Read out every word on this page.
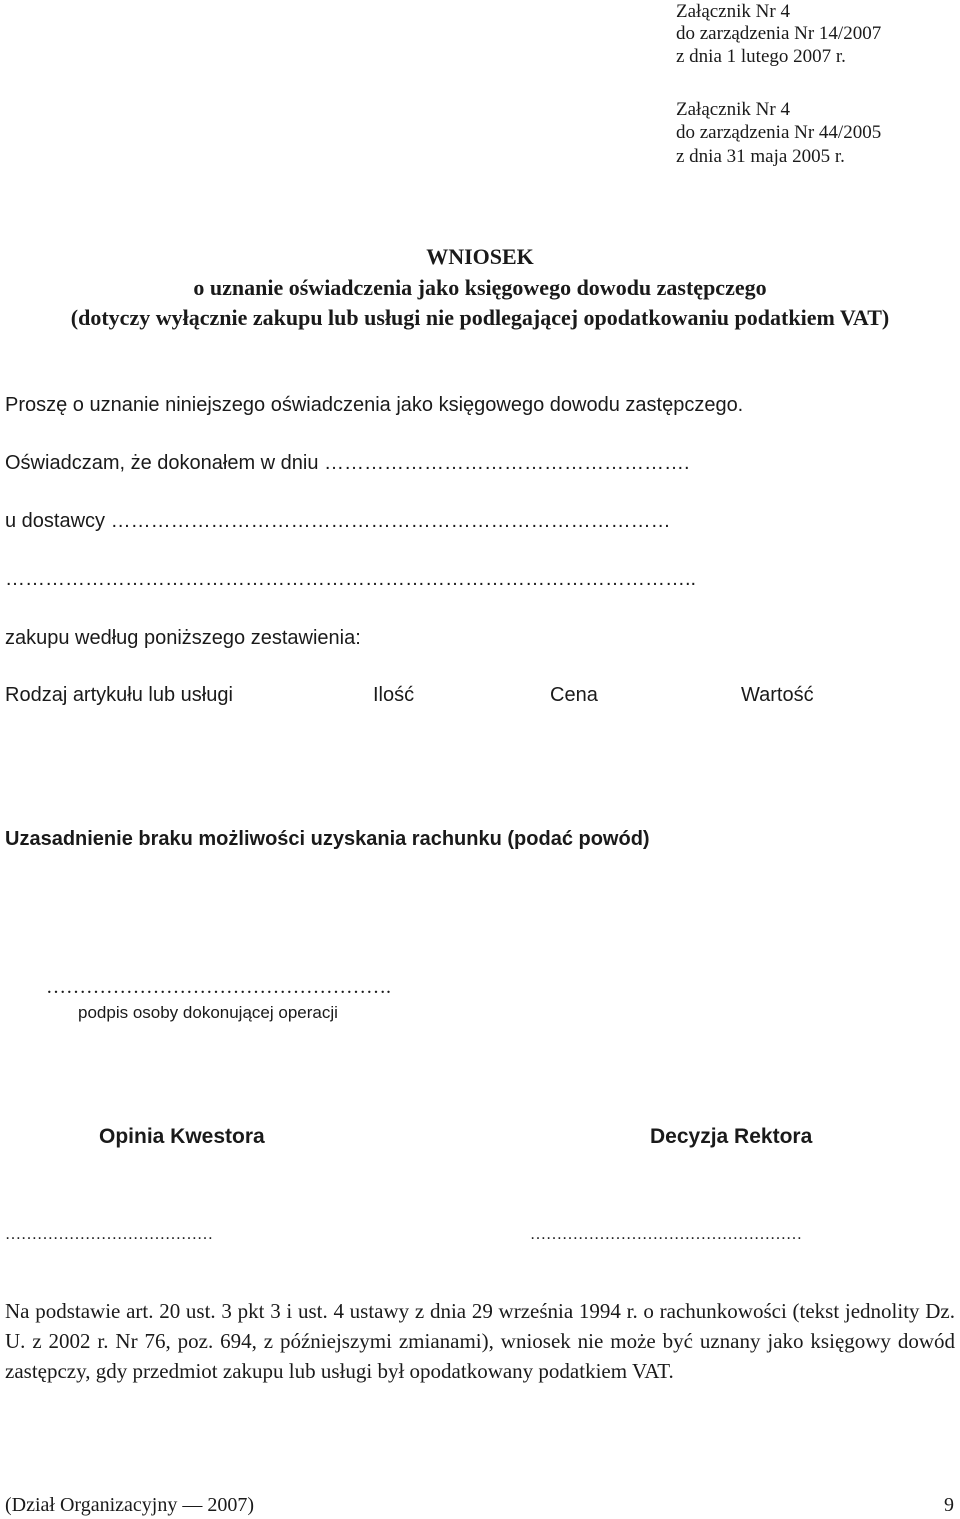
Załącznik Nr 4
do zarządzenia Nr 14/2007
z dnia 1 lutego 2007 r.
Załącznik Nr 4
do zarządzenia Nr 44/2005
z dnia 31 maja 2005 r.
WNIOSEK
o uznanie oświadczenia jako księgowego dowodu zastępczego
(dotyczy wyłącznie zakupu lub usługi nie podlegającej opodatkowaniu podatkiem VAT)
Proszę o uznanie niniejszego oświadczenia jako księgowego dowodu zastępczego.
Oświadczam, że dokonałem w dniu ……………………………………………….
u dostawcy …………………………………………………………………………
…………………………………………………………………………………………..
zakupu według poniższego zestawienia:
Rodzaj artykułu lub usługi	Ilość	Cena	Wartość
Uzasadnienie braku możliwości uzyskania rachunku (podać powód)
…………………………………………….
podpis osoby dokonującej operacji
Opinia Kwestora	Decyzja Rektora
…………………………………	……………………………………………
Na podstawie art. 20 ust. 3 pkt 3 i ust. 4 ustawy z dnia 29 września 1994 r. o rachunkowości (tekst jednolity Dz. U. z 2002 r. Nr 76, poz. 694, z późniejszymi zmianami), wniosek nie może być uznany jako księgowy dowód zastępczy, gdy przedmiot zakupu lub usługi był opodatkowany podatkiem VAT.
(Dział Organizacyjny — 2007)	9
